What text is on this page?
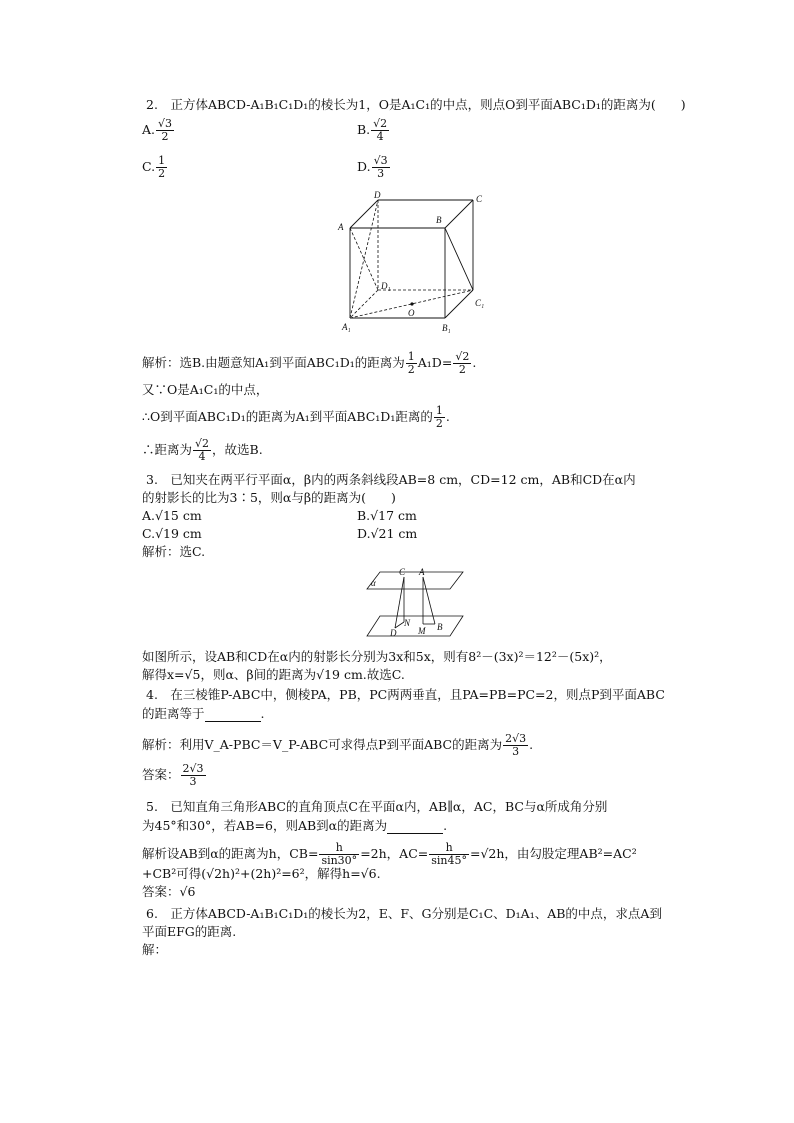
2.　 正方体ABCD-A₁B₁C₁D₁的棱长为1，O是A₁C₁的中点，则点O到平面ABC₁D₁的距离为(　　)
A. $\frac{√3}{2}$	B. $\frac{√2}{4}$
C. $\frac{1}{2}$	D. $\frac{√3}{3}$
D	C
B
A
D₁
C₁
O
A₁	B₁
解析：选B.由题意知A₁到平面ABC₁D₁的距离为 $\frac{1}{2} A_1D= \frac{√2}{2}$ .
又∵O是A₁C₁的中点，
∴O到平面ABC₁D₁的距离为A₁到平面ABC₁D₁距离的 $\frac{1}{2}$ .
∴距离为 $\frac{√2}{4}$ ，故选B.
3.　已知夹在两平行平面α，β内的两条斜线段AB=8 cm，CD=12 cm，AB和CD在α内
的射影长的比为3∶5，则α与β的距离为(　　)
A.√15 cm	B.√17 cm
C.√19 cm	D.√21 cm
解析：选C.
α
C A
N
D M B
如图所示，设AB和CD在α内的射影长分别为3x和5x，则有8²－(3x)²＝12²－(5x)²，
解得x=√5，则α、β间的距离为√19 cm.故选C.
4.　在三棱锥P-ABC中，侧棱PA，PB，PC两两垂直，且PA=PB=PC=2，则点P到平面ABC
的距离等于	.
解析：利用V_A-PBC＝V_P-ABC可求得点P到平面ABC的距离为 $\frac{2√3}{3}$ .
答案： $\frac{2√3}{3}$
5.　已知直角三角形ABC的直角顶点C在平面α内，AB∥α，AC，BC与α所成角分别
为45°和30°，若AB=6，则AB到α的距离为	.
解析设AB到α的距离为h，$CB= \frac{h}{\sin 30^\circ} =2h$，$AC= \frac{h}{\sin 45^\circ} =√2h$，由勾股定理AB²=AC²
+CB²可得(√2h)²+(2h)²=6²，解得h=√6.
答案：√6
6.　正方体ABCD-A₁B₁C₁D₁的棱长为2，E、F、G分别是C₁C、D₁A₁、AB的中点，求点A到
平面EFG的距离.
解：
